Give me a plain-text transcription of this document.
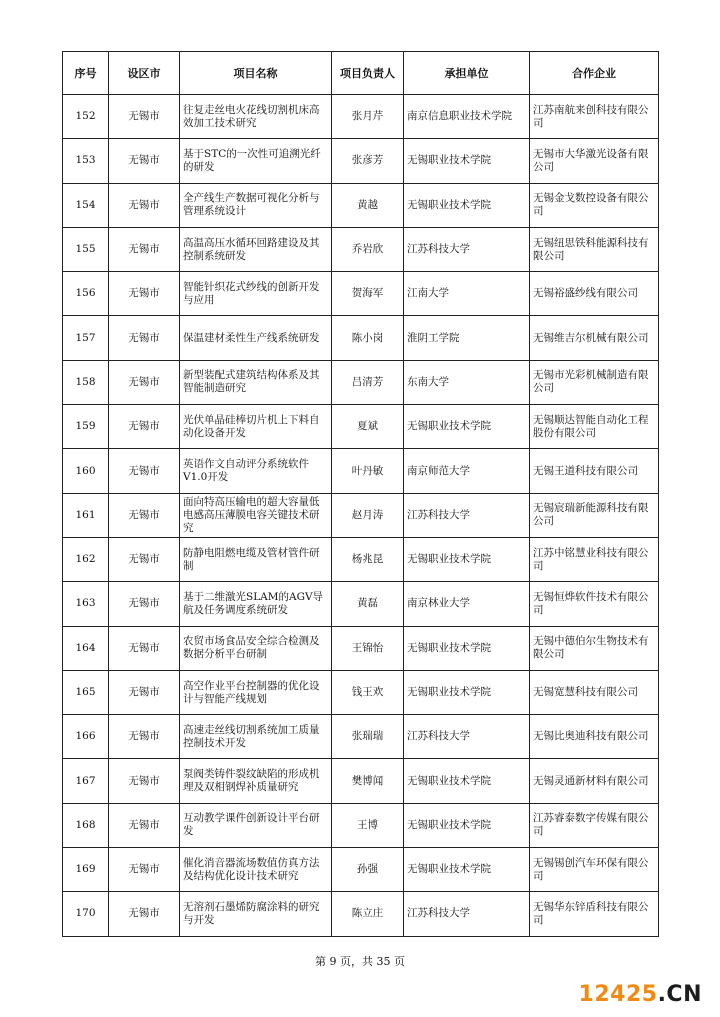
序号	设区市	项目名称	项目负责人	承担单位	合作企业
152	无锡市	往复走丝电火花线切割机床高效加工技术研究	张月芹	南京信息职业技术学院	江苏南航来创科技有限公司
153	无锡市	基于STC的一次性可追溯光纤的研发	张彦芳	无锡职业技术学院	无锡市大华激光设备有限公司
154	无锡市	全产线生产数据可视化分析与管理系统设计	黄越	无锡职业技术学院	无锡金戈数控设备有限公司
155	无锡市	高温高压水循环回路建设及其控制系统研发	乔岩欣	江苏科技大学	无锡纽思铁科能源科技有限公司
156	无锡市	智能针织花式纱线的创新开发与应用	贺海军	江南大学	无锡裕盛纱线有限公司
157	无锡市	保温建材柔性生产线系统研发	陈小岗	淮阴工学院	无锡维吉尔机械有限公司
158	无锡市	新型装配式建筑结构体系及其智能制造研究	吕清芳	东南大学	无锡市光彩机械制造有限公司
159	无锡市	光伏单晶硅棒切片机上下料自动化设备开发	夏斌	无锡职业技术学院	无锡顺达智能自动化工程股份有限公司
160	无锡市	英语作文自动评分系统软件V1.0开发	叶丹敏	南京师范大学	无锡王道科技有限公司
161	无锡市	面向特高压输电的超大容量低电感高压薄膜电容关键技术研究	赵月涛	江苏科技大学	无锡宸瑞新能源科技有限公司
162	无锡市	防静电阻燃电缆及管材管件研制	杨兆昆	无锡职业技术学院	江苏中铭慧业科技有限公司
163	无锡市	基于二维激光SLAM的AGV导航及任务调度系统研发	黄磊	南京林业大学	无锡恒烨软件技术有限公司
164	无锡市	农贸市场食品安全综合检测及数据分析平台研制	王锦怡	无锡职业技术学院	无锡中德伯尔生物技术有限公司
165	无锡市	高空作业平台控制器的优化设计与智能产线规划	钱王欢	无锡职业技术学院	无锡宽慧科技有限公司
166	无锡市	高速走丝线切割系统加工质量控制技术开发	张瑞瑞	江苏科技大学	无锡比奥迪科技有限公司
167	无锡市	泵阀类铸件裂纹缺陷的形成机理及双相钢焊补质量研究	樊博闻	无锡职业技术学院	无锡灵通新材料有限公司
168	无锡市	互动教学课件创新设计平台研发	王博	无锡职业技术学院	江苏睿泰数字传媒有限公司
169	无锡市	催化消音器流场数值仿真方法及结构优化设计技术研究	孙强	无锡职业技术学院	无锡锡创汽车环保有限公司
170	无锡市	无溶剂石墨烯防腐涂料的研究与开发	陈立庄	江苏科技大学	无锡华东锌盾科技有限公司
第 9 页，共 35 页
12425.CN
